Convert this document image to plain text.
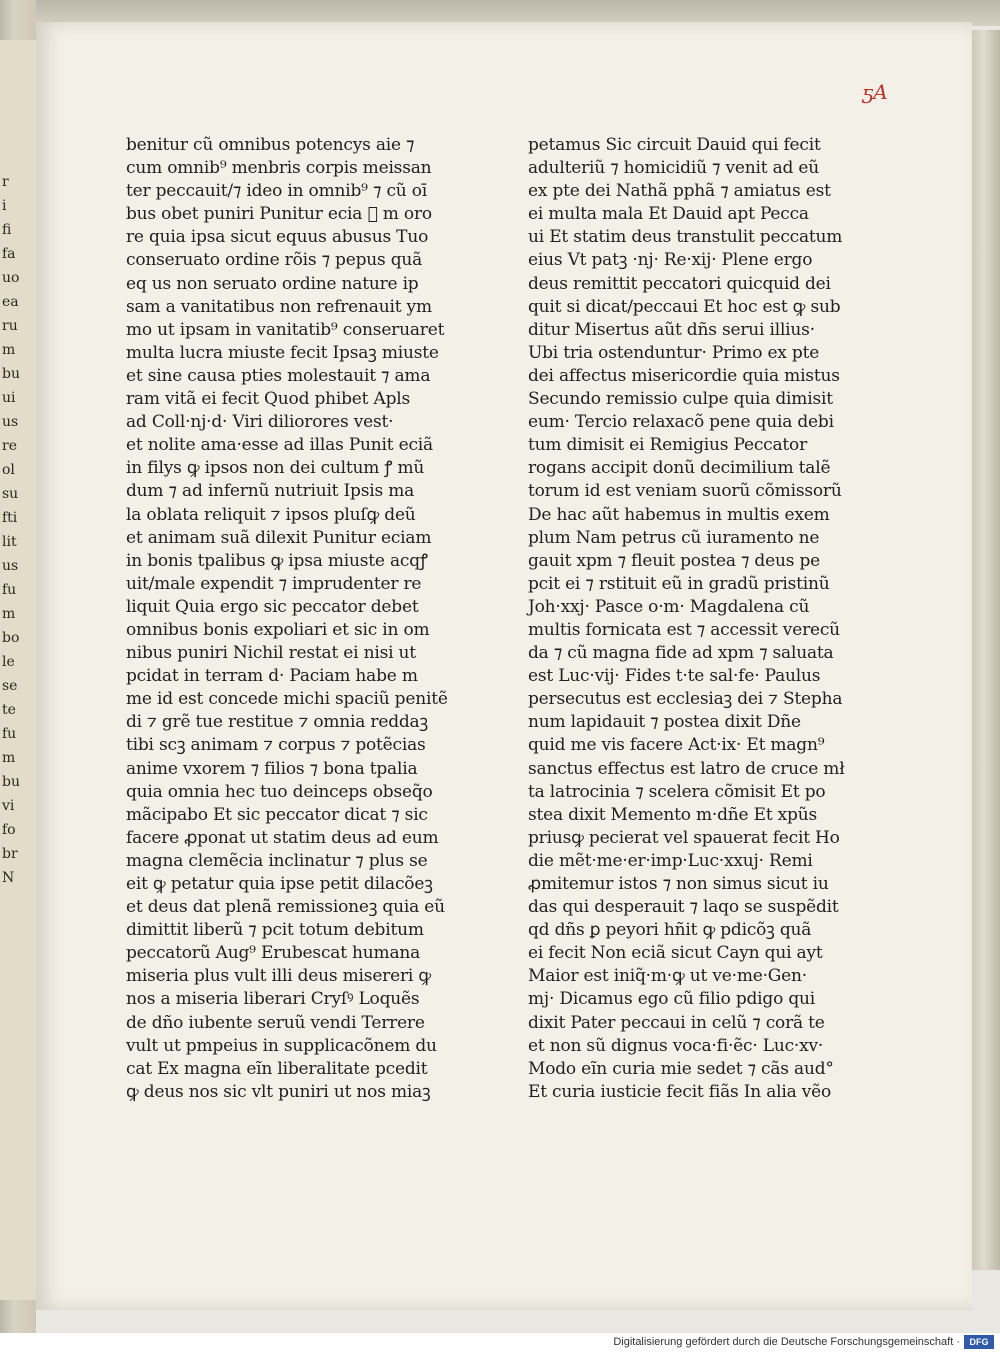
r
i
fi
fa
uo
ea
ru
m
bu
ui
us
re
ol
su
fti
lit
us
fu
m
bo
le
se
te
fu
m
bu
vi
fo
br
N
ƽA
benitur cũ omnibus potencys aie ⁊
cum omnib⁹ menbris corpis meissan
ter peccauit/⁊ ideo in omnib⁹ ⁊ cũ oī
bus obet puniri Punitur ecia ᷓ m oro
re quia ipsa sicut equus abusus Tuo
conseruato ordine rõis ⁊ pepus quã
eq us non seruato ordine nature ip
sam a vanitatibus non refrenauit ym
mo ut ipsam in vanitatib⁹ conseruaret
multa lucra miuste fecit Ipsaꝫ miuste
et sine causa pties molestauit ⁊ ama
ram vitã ei fecit Quod phibet Apls
ad Coll·nj·d· Viri diliorores vest·
et nolite ama·esse ad illas Punit eciã
in filys ꝙ ipsos non dei cultum ꝭ mũ
dum ⁊ ad infernũ nutriuit Ipsis ma
la oblata reliquit ⁊ ipsos pluſꝙ deũ
et animam suã dilexit Punitur eciam
in bonis tpalibus ꝙ ipsa miuste acqꝭ
uit/male expendit ⁊ imprudenter re
liquit Quia ergo sic peccator debet
omnibus bonis expoliari et sic in om
nibus puniri Nichil restat ei nisi ut
pcidat in terram d· Paciam habe m
me id est concede michi spaciũ penitẽ
di ⁊ grẽ tue restitue ⁊ omnia reddaꝫ
tibi scꝫ animam ⁊ corpus ⁊ potẽcias
anime vxorem ⁊ filios ⁊ bona tpalia
quia omnia hec tuo deinceps obseq̃o
mãcipabo Et sic peccator dicat ⁊ sic
facere ꝓponat ut statim deus ad eum
magna clemẽcia inclinatur ⁊ plus se
eit ꝙ petatur quia ipse petit dilacõeꝫ
et deus dat plenã remissioneꝫ quia eũ
dimittit liberũ ⁊ pcit totum debitum
peccatorũ Aug⁹ Erubescat humana
miseria plus vult illi deus misereri ꝙ
nos a miseria liberari Cryſꝰ Loquẽs
de dño iubente seruũ vendi Terrere
vult ut pmpeius in supplicacõnem du
cat Ex magna eĩn liberalitate pcedit
ꝙ deus nos sic vlt puniri ut nos miaꝫ
petamus Sic circuit Dauid qui fecit
adulteriũ ⁊ homicidiũ ⁊ venit ad eũ
ex pte dei Nathã pphã ⁊ amiatus est
ei multa mala Et Dauid apt Pecca
ui Et statim deus transtulit peccatum
eius Vt patꝫ ·nj· Re·xij· Plene ergo
deus remittit peccatori quicquid dei
quit si dicat/peccaui Et hoc est ꝙ sub
ditur Misertus aũt dñs serui illius·
Ubi tria ostenduntur· Primo ex pte
dei affectus misericordie quia mistus
Secundo remissio culpe quia dimisit
eum· Tercio relaxacõ pene quia debi
tum dimisit ei Remigius Peccator
rogans accipit donũ decimilium talẽ
torum id est veniam suorũ cõmissorũ
De hac aũt habemus in multis exem
plum Nam petrus cũ iuramento ne
gauit xpm ⁊ fleuit postea ⁊ deus pe
pcit ei ⁊ rstituit eũ in gradũ pristinũ
Joh·xxj· Pasce o·m· Magdalena cũ
multis fornicata est ⁊ accessit verecũ
da ⁊ cũ magna fide ad xpm ⁊ saluata
est Luc·vij· Fides t·te sal·fe· Paulus
persecutus est ecclesiaꝫ dei ⁊ Stepha
num lapidauit ⁊ postea dixit Dñe
quid me vis facere Act·ix· Et magn⁹
sanctus effectus est latro de cruce mł
ta latrocinia ⁊ scelera cõmisit Et po
stea dixit Memento m·dñe Et xpũs
priusꝙ pecierat vel spauerat fecit Ho
die mẽt·me·er·imp·Luc·xxuj· Remi
ꝓmitemur istos ⁊ non simus sicut iu
das qui desperauit ⁊ laqo se suspẽdit
qd dñs ꝑ peyori hñit ꝙ pdicõꝫ quã
ei fecit Non eciã sicut Cayn qui ayt
Maior est iniq̃·m·ꝙ ut ve·me·Gen·
mj· Dicamus ego cũ filio pdigo qui
dixit Pater peccaui in celũ ⁊ corã te
et non sũ dignus voca·fi·ẽc· Luc·xv·
Modo eĩn curia mie sedet ⁊ cãs aud°
Et curia iusticie fecit fiãs In alia vẽo
Digitalisierung gefördert durch die Deutsche Forschungsgemeinschaft ·	DFG
